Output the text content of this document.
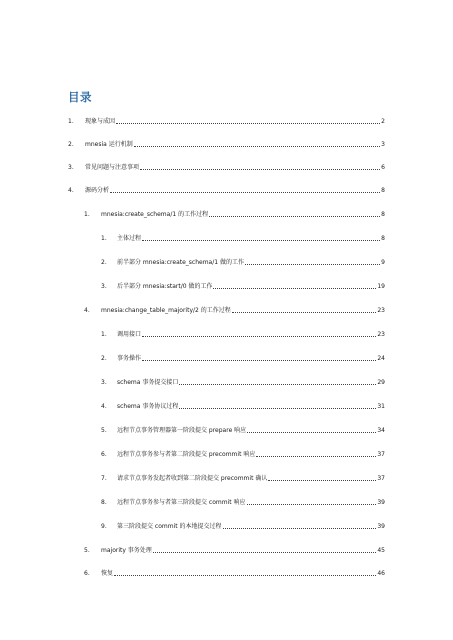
目录
1.	现象与成因	2
2.	mnesia 运行机制	3
3.	常见问题与注意事项	6
4.	源码分析	8
1.	mnesia:create_schema/1 的工作过程	8
1.	主体过程	8
2.	前半部分 mnesia:create_schema/1 做的工作	9
3.	后半部分 mnesia:start/0 做的工作	19
4.	mnesia:change_table_majority/2 的工作过程	23
1.	调用接口	23
2.	事务操作	24
3.	schema 事务提交接口	29
4.	schema 事务协议过程	31
5.	远程节点事务管理器第一阶段提交 prepare 响应	34
6.	远程节点事务参与者第二阶段提交 precommit 响应	37
7.	请求节点事务发起者收到第二阶段提交 precommit 确认	37
8.	远程节点事务参与者第三阶段提交 commit 响应	39
9.	第三阶段提交 commit 的本地提交过程	39
5.	majority 事务处理	45
6.	恢复	46
